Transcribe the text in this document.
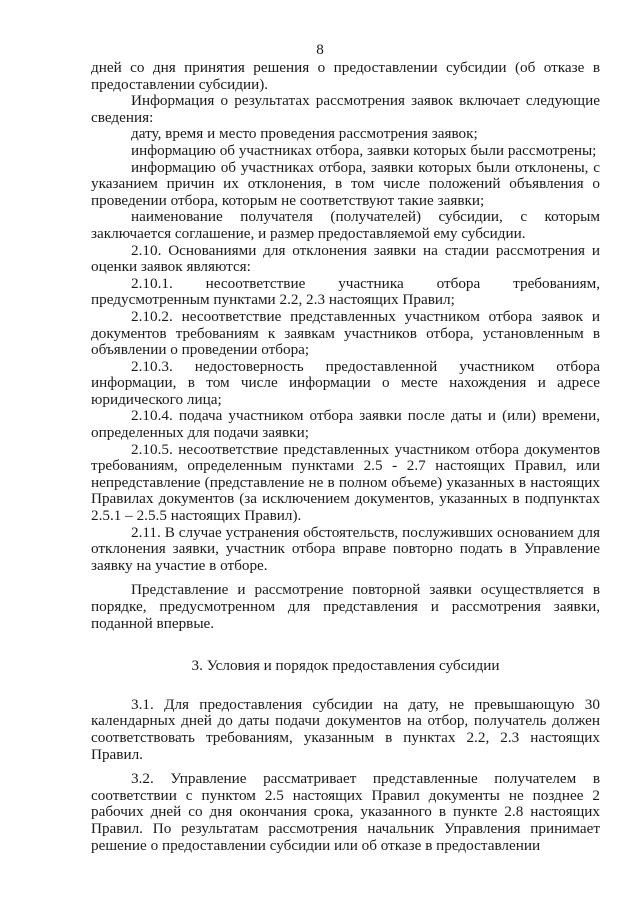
8

дней со дня принятия решения о предоставлении субсидии (об отказе в предоставлении субсидии).

Информация о результатах рассмотрения заявок включает следующие сведения:

дату, время и место проведения рассмотрения заявок;

информацию об участниках отбора, заявки которых были рассмотрены;

информацию об участниках отбора, заявки которых были отклонены, с указанием причин их отклонения, в том числе положений объявления о проведении отбора, которым не соответствуют такие заявки;

наименование получателя (получателей) субсидии, с которым заключается соглашение, и размер предоставляемой ему субсидии.

2.10. Основаниями для отклонения заявки на стадии рассмотрения и оценки заявок являются:

2.10.1. несоответствие участника отбора требованиям, предусмотренным пунктами 2.2, 2.3 настоящих Правил;

2.10.2. несоответствие представленных участником отбора заявок и документов требованиям к заявкам участников отбора, установленным в объявлении о проведении отбора;

2.10.3. недостоверность предоставленной участником отбора информации, в том числе информации о месте нахождения и адресе юридического лица;

2.10.4. подача участником отбора заявки после даты и (или) времени, определенных для подачи заявки;

2.10.5. несоответствие представленных участником отбора документов требованиям, определенным пунктами 2.5 - 2.7 настоящих Правил, или непредставление (представление не в полном объеме) указанных в настоящих Правилах документов (за исключением документов, указанных в подпунктах 2.5.1 – 2.5.5 настоящих Правил).

2.11. В случае устранения обстоятельств, послуживших основанием для отклонения заявки, участник отбора вправе повторно подать в Управление заявку на участие в отборе.

Представление и рассмотрение повторной заявки осуществляется в порядке, предусмотренном для представления и рассмотрения заявки, поданной впервые.

3. Условия и порядок предоставления субсидии

3.1. Для предоставления субсидии на дату, не превышающую 30 календарных дней до даты подачи документов на отбор, получатель должен соответствовать требованиям, указанным в пунктах 2.2, 2.3 настоящих Правил.

3.2. Управление рассматривает представленные получателем в соответствии с пунктом 2.5 настоящих Правил документы не позднее 2 рабочих дней со дня окончания срока, указанного в пункте 2.8 настоящих Правил. По результатам рассмотрения начальник Управления принимает решение о предоставлении субсидии или об отказе в предоставлении
